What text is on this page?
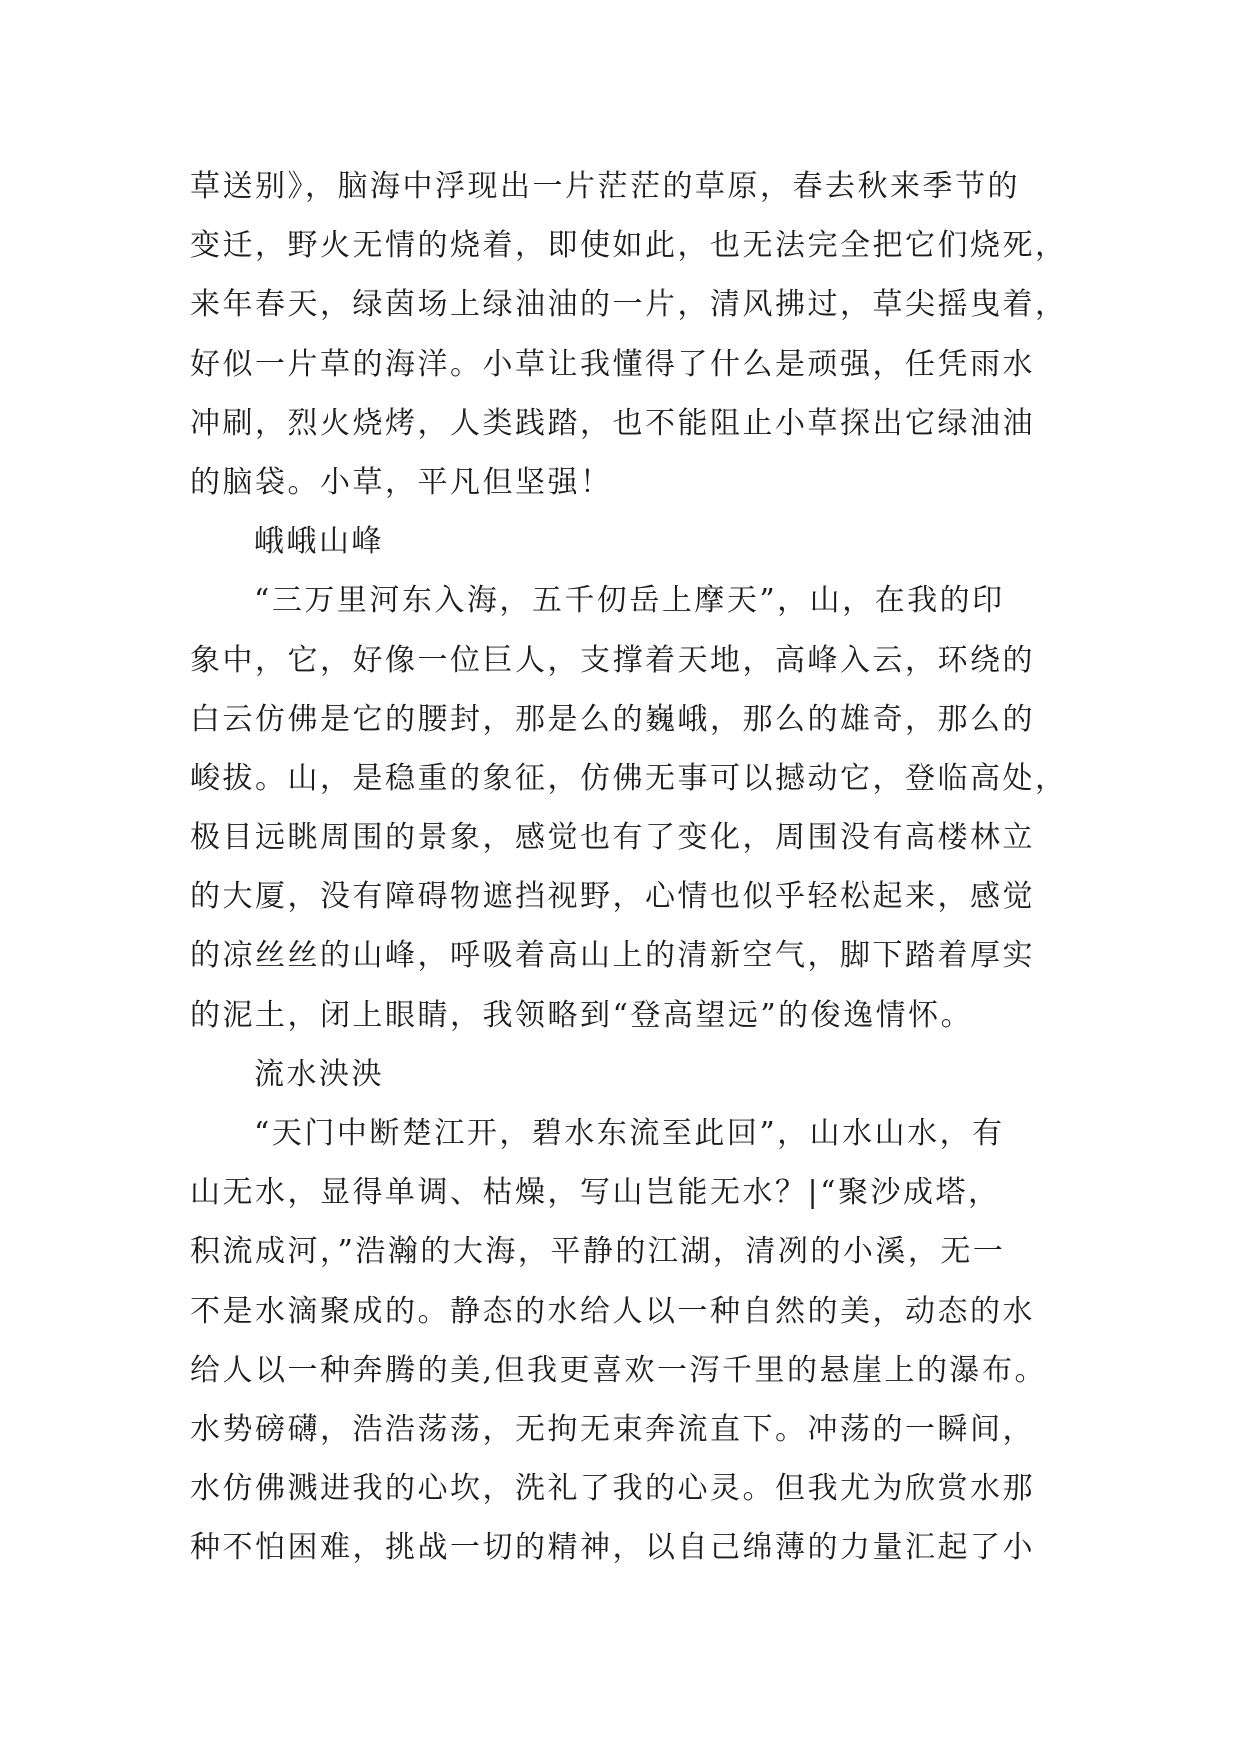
草送别》，脑海中浮现出一片茫茫的草原，春去秋来季节的
变迁，野火无情的烧着，即使如此，也无法完全把它们烧死，
来年春天，绿茵场上绿油油的一片，清风拂过，草尖摇曳着，
好似一片草的海洋。小草让我懂得了什么是顽强，任凭雨水
冲刷，烈火烧烤，人类践踏，也不能阻止小草探出它绿油油
的脑袋。小草，平凡但坚强！
峨峨山峰
“三万里河东入海，五千仞岳上摩天”，山，在我的印
象中，它，好像一位巨人，支撑着天地，高峰入云，环绕的
白云仿佛是它的腰封，那是么的巍峨，那么的雄奇，那么的
峻拔。山，是稳重的象征，仿佛无事可以撼动它，登临高处，
极目远眺周围的景象，感觉也有了变化，周围没有高楼林立
的大厦，没有障碍物遮挡视野，心情也似乎轻松起来，感觉
的凉丝丝的山峰，呼吸着高山上的清新空气，脚下踏着厚实
的泥土，闭上眼睛，我领略到“登高望远”的俊逸情怀。
流水泱泱
“天门中断楚江开，碧水东流至此回”，山水山水，有
山无水，显得单调、枯燥，写山岂能无水？|“聚沙成塔，
积流成河，”浩瀚的大海，平静的江湖，清冽的小溪，无一
不是水滴聚成的。静态的水给人以一种自然的美，动态的水
给人以一种奔腾的美,但我更喜欢一泻千里的悬崖上的瀑布。
水势磅礴，浩浩荡荡，无拘无束奔流直下。冲荡的一瞬间，
水仿佛溅进我的心坎，洗礼了我的心灵。但我尤为欣赏水那
种不怕困难，挑战一切的精神，以自己绵薄的力量汇起了小
